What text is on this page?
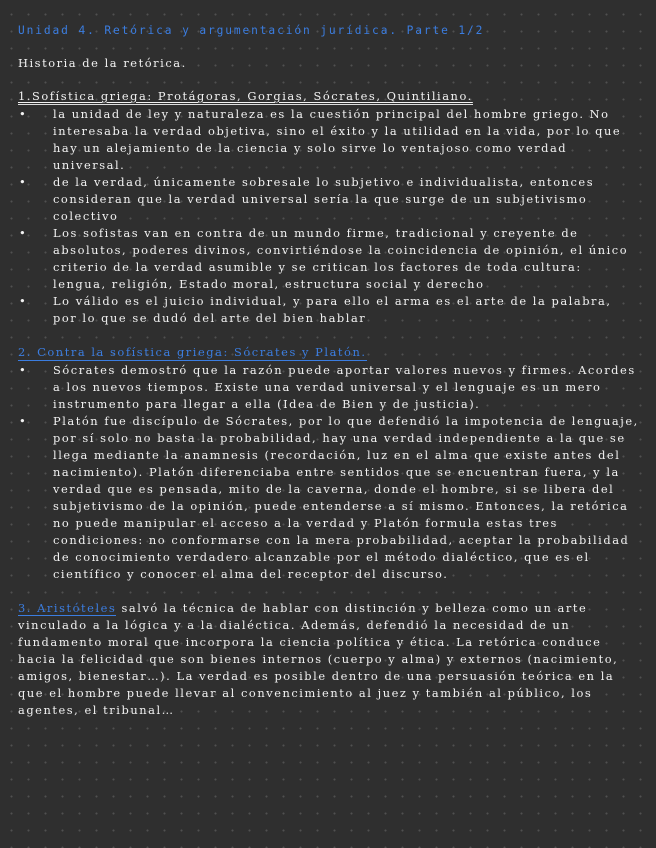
Unidad 4. Retórica y argumentación jurídica. Parte 1/2
Historia de la retórica.
1.Sofística griega: Protágoras, Gorgias, Sócrates, Quintiliano.
• la unidad de ley y naturaleza es la cuestión principal del hombre griego. No interesaba la verdad objetiva, sino el éxito y la utilidad en la vida, por lo que hay un alejamiento de la ciencia y solo sirve lo ventajoso como verdad universal.
• de la verdad, únicamente sobresale lo subjetivo e individualista, entonces consideran que la verdad universal sería la que surge de un subjetivismo colectivo
• Los sofistas van en contra de un mundo firme, tradicional y creyente de absolutos, poderes divinos, convirtiéndose la coincidencia de opinión, el único criterio de la verdad asumible y se critican los factores de toda cultura: lengua, religión, Estado moral, estructura social y derecho
• Lo válido es el juicio individual, y para ello el arma es el arte de la palabra, por lo que se dudó del arte del bien hablar
2. Contra la sofística griega: Sócrates y Platón.
• Sócrates demostró que la razón puede aportar valores nuevos y firmes. Acordes a los nuevos tiempos. Existe una verdad universal y el lenguaje es un mero instrumento para llegar a ella (Idea de Bien y de justicia).
• Platón fue discípulo de Sócrates, por lo que defendió la impotencia de lenguaje, por sí solo no basta la probabilidad, hay una verdad independiente a la que se llega mediante la anamnesis (recordación, luz en el alma que existe antes del nacimiento). Platón diferenciaba entre sentidos que se encuentran fuera, y la verdad que es pensada, mito de la caverna, donde el hombre, si se libera del subjetivismo de la opinión, puede entenderse a sí mismo. Entonces, la retórica no puede manipular el acceso a la verdad y Platón formula estas tres condiciones: no conformarse con la mera probabilidad, aceptar la probabilidad de conocimiento verdadero alcanzable por el método dialéctico, que es el científico y conocer el alma del receptor del discurso.
3. Aristóteles salvó la técnica de hablar con distinción y belleza como un arte vinculado a la lógica y a la dialéctica. Además, defendió la necesidad de un fundamento moral que incorpora la ciencia política y ética. La retórica conduce hacia la felicidad que son bienes internos (cuerpo y alma) y externos (nacimiento, amigos, bienestar…). La verdad es posible dentro de una persuasión teórica en la que el hombre puede llevar al convencimiento al juez y también al público, los agentes, el tribunal…
